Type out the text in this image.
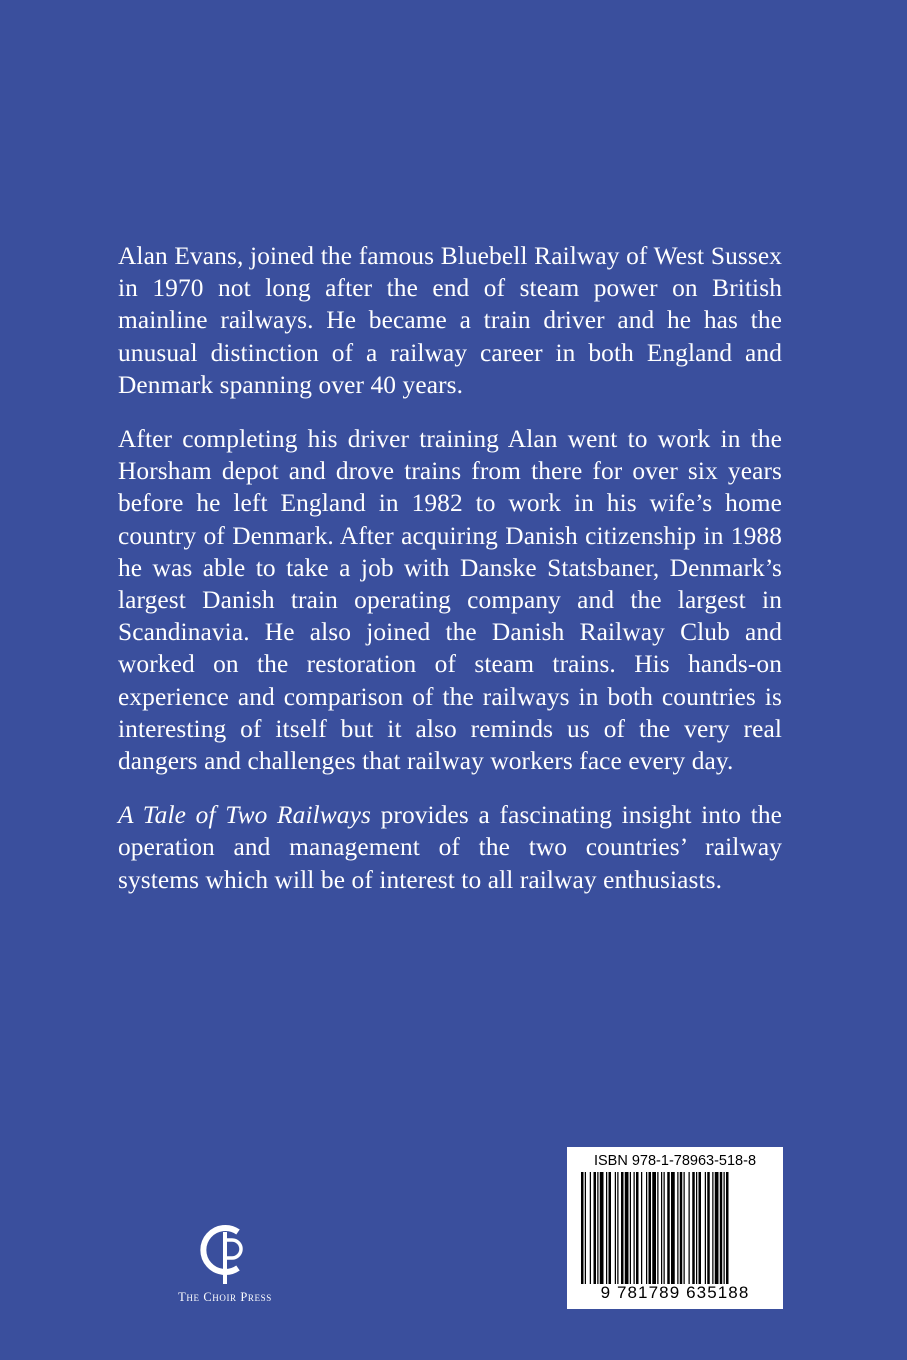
Alan Evans, joined the famous Bluebell Railway of West Sussex in 1970 not long after the end of steam power on British mainline railways. He became a train driver and he has the unusual distinction of a railway career in both England and Denmark spanning over 40 years.

After completing his driver training Alan went to work in the Horsham depot and drove trains from there for over six years before he left England in 1982 to work in his wife’s home country of Denmark. After acquiring Danish citizenship in 1988 he was able to take a job with Danske Statsbaner, Denmark’s largest Danish train operating company and the largest in Scandinavia. He also joined the Danish Railway Club and worked on the restoration of steam trains. His hands-on experience and comparison of the railways in both countries is interesting of itself but it also reminds us of the very real dangers and challenges that railway workers face every day.

A Tale of Two Railways provides a fascinating insight into the operation and management of the two countries’ railway systems which will be of interest to all railway enthusiasts.

The Choir Press
ISBN 978-1-78963-518-8
9 781789 635188
